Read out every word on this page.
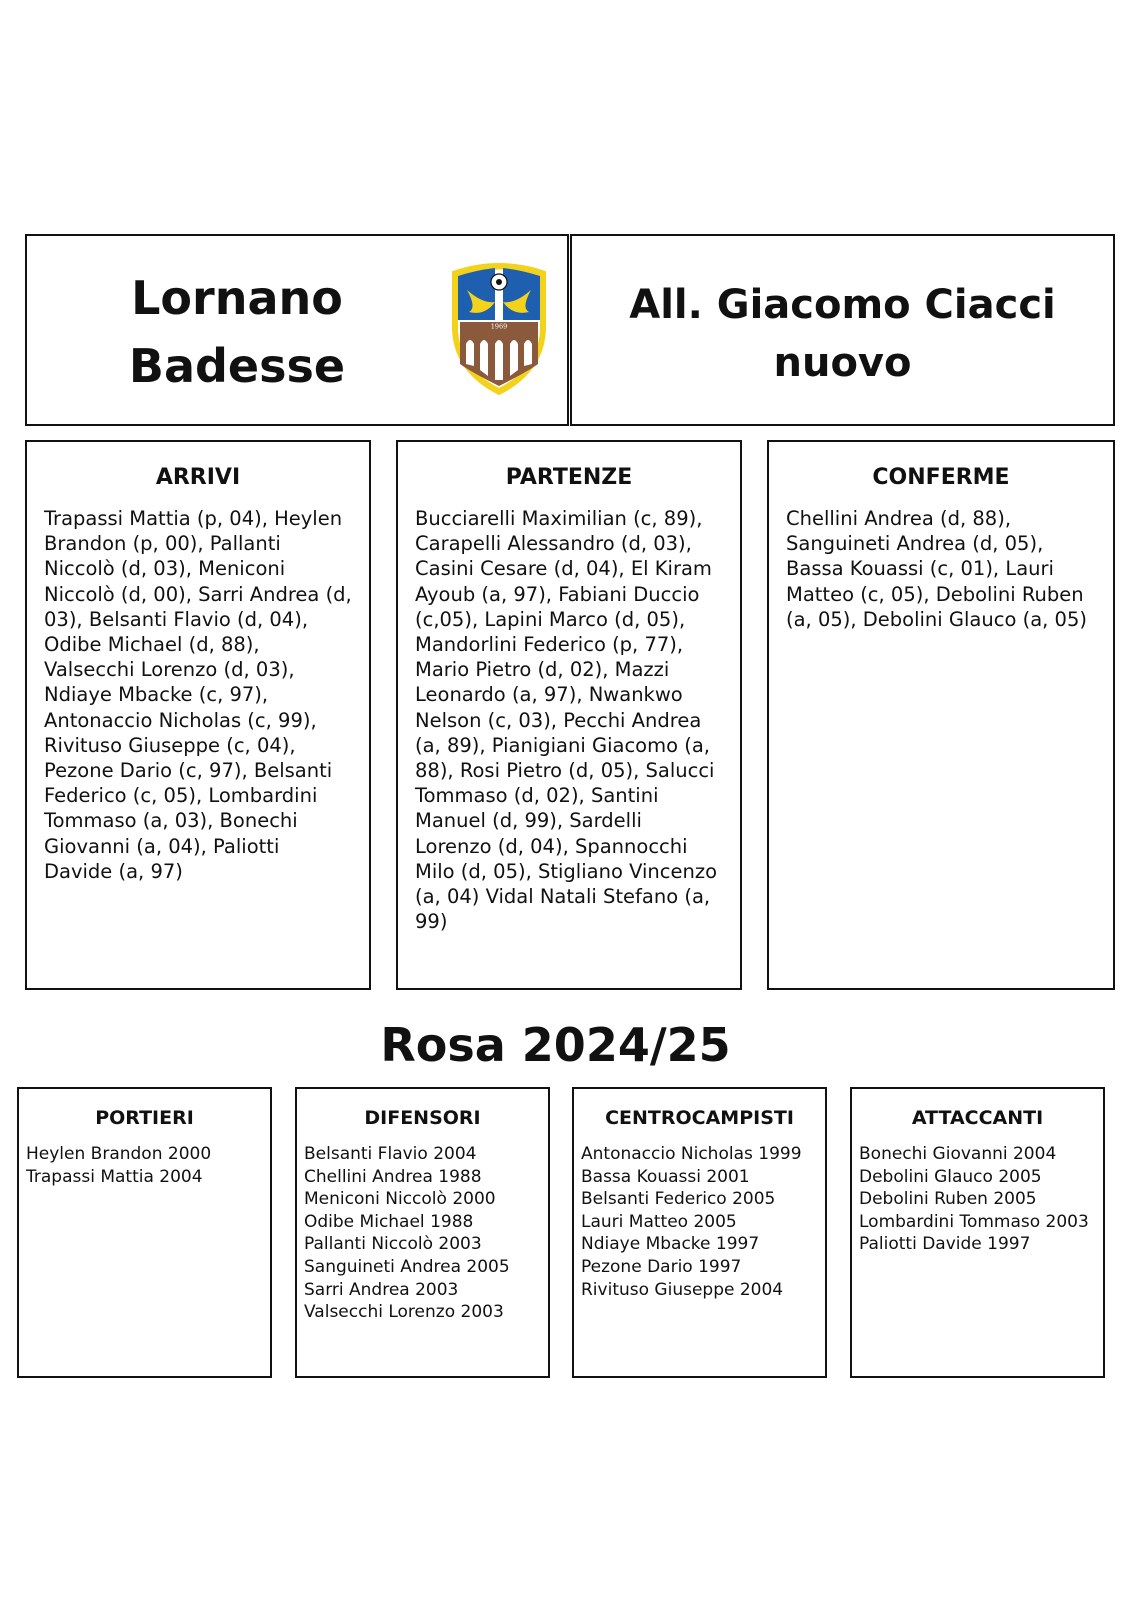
Lornano
Badesse
1969	All. Giacomo Ciacci
nuovo
ARRIVI

Trapassi Mattia (p, 04), Heylen Brandon (p, 00), Pallanti Niccolò (d, 03), Meniconi Niccolò (d, 00), Sarri Andrea (d, 03), Belsanti Flavio (d, 04), Odibe Michael (d, 88), Valsecchi Lorenzo (d, 03), Ndiaye Mbacke (c, 97), Antonaccio Nicholas (c, 99), Rivituso Giuseppe (c, 04), Pezone Dario (c, 97), Belsanti Federico (c, 05), Lombardini Tommaso (a, 03), Bonechi Giovanni (a, 04), Paliotti Davide (a, 97)

PARTENZE

Bucciarelli Maximilian (c, 89), Carapelli Alessandro (d, 03), Casini Cesare (d, 04), El Kiram Ayoub (a, 97), Fabiani Duccio (c,05), Lapini Marco (d, 05), Mandorlini Federico (p, 77), Mario Pietro (d, 02), Mazzi Leonardo (a, 97), Nwankwo Nelson (c, 03), Pecchi Andrea (a, 89), Pianigiani Giacomo (a, 88), Rosi Pietro (d, 05), Salucci Tommaso (d, 02), Santini Manuel (d, 99), Sardelli Lorenzo (d, 04), Spannocchi Milo (d, 05), Stigliano Vincenzo (a, 04) Vidal Natali Stefano (a, 99)

CONFERME

Chellini Andrea (d, 88), Sanguineti Andrea (d, 05), Bassa Kouassi (c, 01), Lauri Matteo (c, 05), Debolini Ruben (a, 05), Debolini Glauco (a, 05)

Rosa 2024/25
PORTIERI
Heylen Brandon 2000
Trapassi Mattia 2004
DIFENSORI
Belsanti Flavio 2004
Chellini Andrea 1988
Meniconi Niccolò 2000
Odibe Michael 1988
Pallanti Niccolò 2003
Sanguineti Andrea 2005
Sarri Andrea 2003
Valsecchi Lorenzo 2003
CENTROCAMPISTI
Antonaccio Nicholas 1999
Bassa Kouassi 2001
Belsanti Federico 2005
Lauri Matteo 2005
Ndiaye Mbacke 1997
Pezone Dario 1997
Rivituso Giuseppe 2004
ATTACCANTI
Bonechi Giovanni 2004
Debolini Glauco 2005
Debolini Ruben 2005
Lombardini Tommaso 2003
Paliotti Davide 1997
